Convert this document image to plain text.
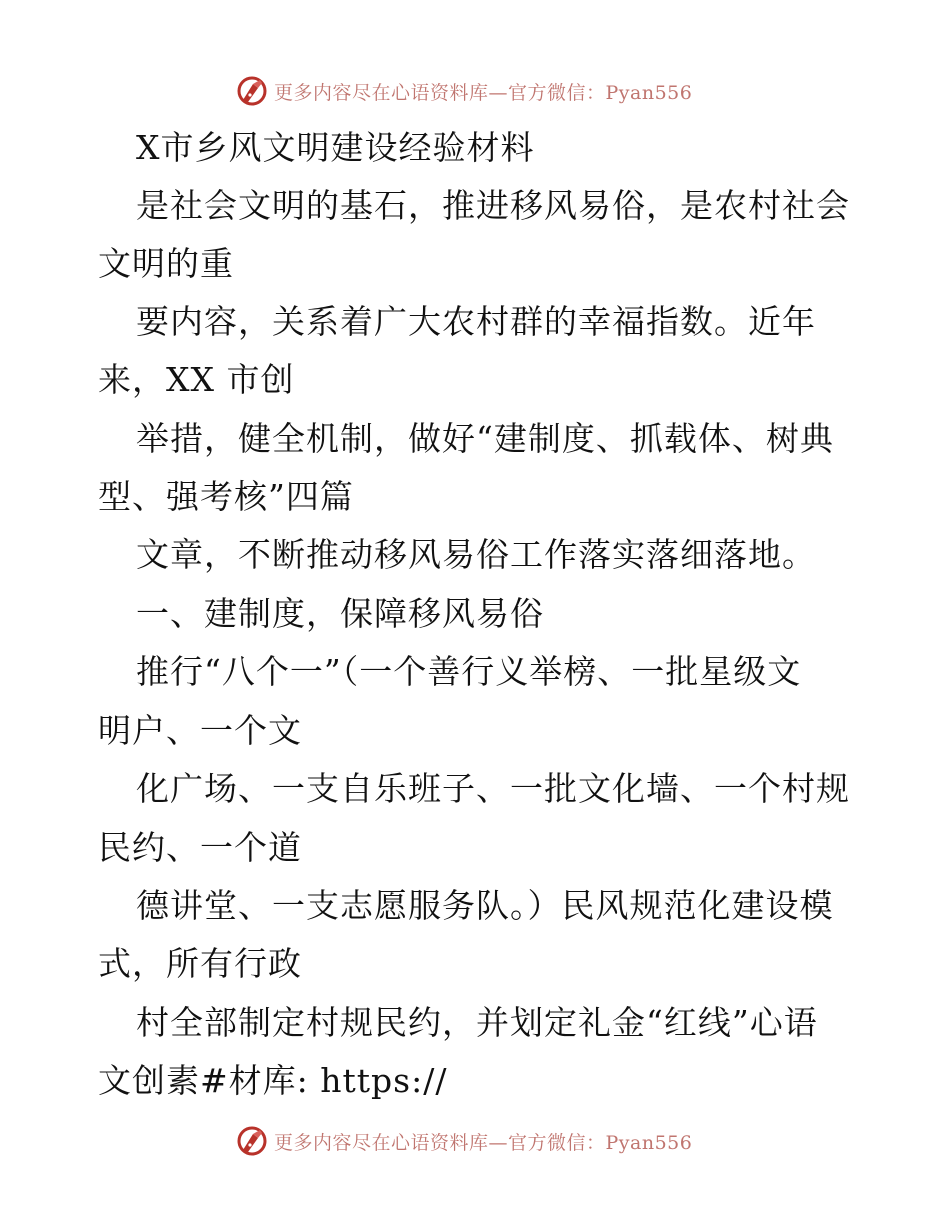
更多内容尽在心语资料库—官方微信：Pyan556
X市乡风文明建设经验材料
是社会文明的基石，推进移风易俗，是农村社会
文明的重
要内容，关系着广大农村群的幸福指数。近年
来，XX 市创
举措，健全机制，做好“建制度、抓载体、树典
型、强考核”四篇
文章，不断推动移风易俗工作落实落细落地。
一、建制度，保障移风易俗
推行“八个一”（一个善行义举榜、一批星级文
明户、一个文
化广场、一支自乐班子、一批文化墙、一个村规
民约、一个道
德讲堂、一支志愿服务队。）民风规范化建设模
式，所有行政
村全部制定村规民约，并划定礼金“红线”心语
文创素#材库: https://
更多内容尽在心语资料库—官方微信：Pyan556
